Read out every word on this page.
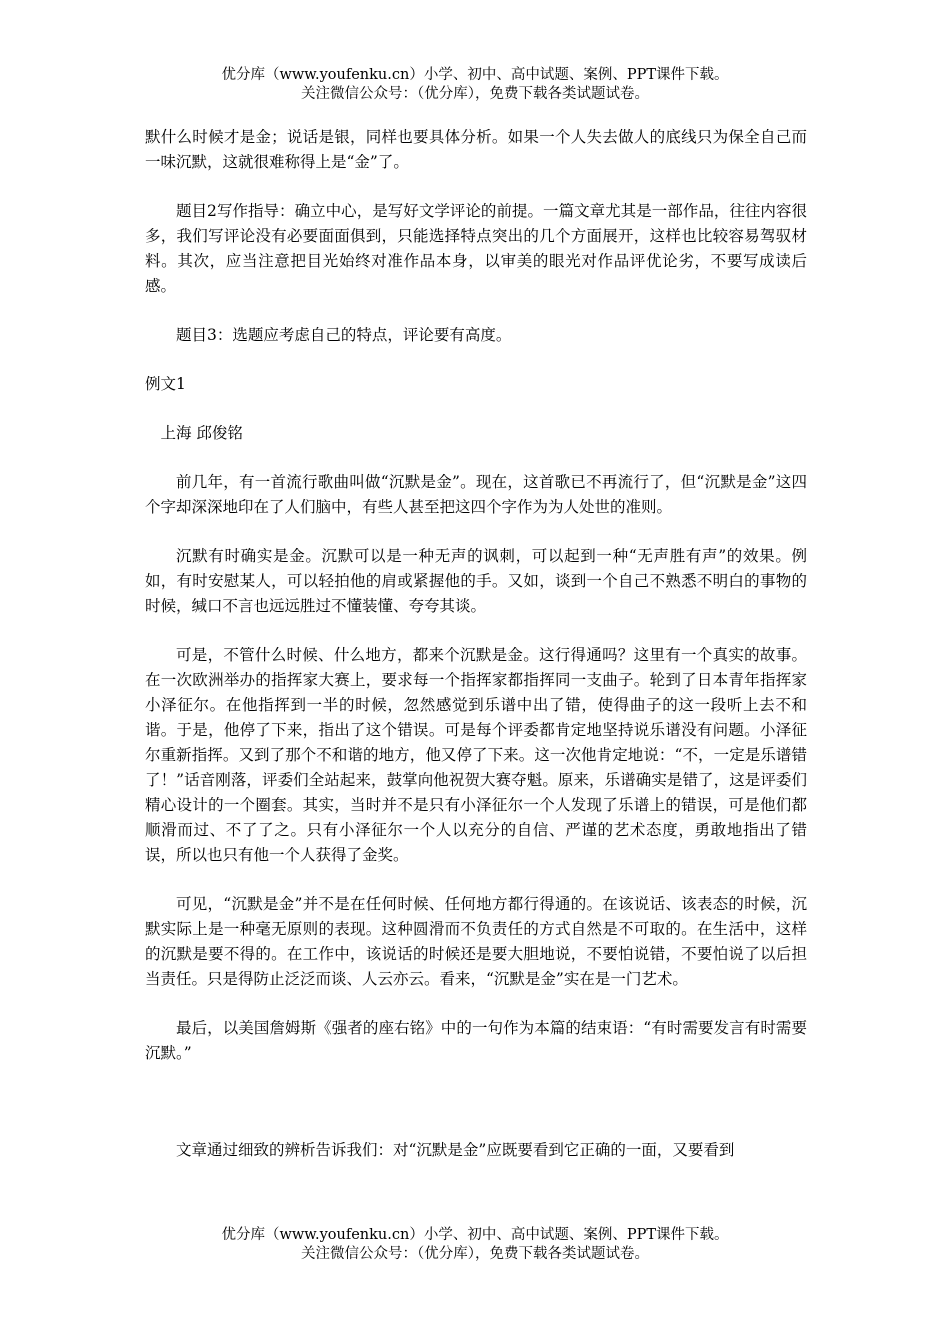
优分库（www.youfenku.cn）小学、初中、高中试题、案例、PPT课件下载。
关注微信公众号：（优分库），免费下载各类试题试卷。

默什么时候才是金；说话是银，同样也要具体分析。如果一个人失去做人的底线只为保全自己而一味沉默，这就很难称得上是“金”了。

题目2写作指导：确立中心，是写好文学评论的前提。一篇文章尤其是一部作品，往往内容很多，我们写评论没有必要面面俱到，只能选择特点突出的几个方面展开，这样也比较容易驾驭材料。其次，应当注意把目光始终对准作品本身，以审美的眼光对作品评优论劣，不要写成读后感。

题目3：选题应考虑自己的特点，评论要有高度。

例文1

上海 邱俊铭

前几年，有一首流行歌曲叫做“沉默是金”。现在，这首歌已不再流行了，但“沉默是金”这四个字却深深地印在了人们脑中，有些人甚至把这四个字作为为人处世的准则。

沉默有时确实是金。沉默可以是一种无声的讽刺，可以起到一种“无声胜有声”的效果。例如，有时安慰某人，可以轻拍他的肩或紧握他的手。又如，谈到一个自己不熟悉不明白的事物的时候，缄口不言也远远胜过不懂装懂、夸夸其谈。

可是，不管什么时候、什么地方，都来个沉默是金。这行得通吗？这里有一个真实的故事。在一次欧洲举办的指挥家大赛上，要求每一个指挥家都指挥同一支曲子。轮到了日本青年指挥家小泽征尔。在他指挥到一半的时候，忽然感觉到乐谱中出了错，使得曲子的这一段听上去不和谐。于是，他停了下来，指出了这个错误。可是每个评委都肯定地坚持说乐谱没有问题。小泽征尔重新指挥。又到了那个不和谐的地方，他又停了下来。这一次他肯定地说：“不，一定是乐谱错了！”话音刚落，评委们全站起来，鼓掌向他祝贺大赛夺魁。原来，乐谱确实是错了，这是评委们精心设计的一个圈套。其实，当时并不是只有小泽征尔一个人发现了乐谱上的错误，可是他们都顺滑而过、不了了之。只有小泽征尔一个人以充分的自信、严谨的艺术态度，勇敢地指出了错误，所以也只有他一个人获得了金奖。

可见，“沉默是金”并不是在任何时候、任何地方都行得通的。在该说话、该表态的时候，沉默实际上是一种毫无原则的表现。这种圆滑而不负责任的方式自然是不可取的。在生活中，这样的沉默是要不得的。在工作中，该说话的时候还是要大胆地说，不要怕说错，不要怕说了以后担当责任。只是得防止泛泛而谈、人云亦云。看来，“沉默是金”实在是一门艺术。

最后，以美国詹姆斯《强者的座右铭》中的一句作为本篇的结束语：“有时需要发言有时需要沉默。”

文章通过细致的辨析告诉我们：对“沉默是金”应既要看到它正确的一面，又要看到

优分库（www.youfenku.cn）小学、初中、高中试题、案例、PPT课件下载。
关注微信公众号：（优分库），免费下载各类试题试卷。
